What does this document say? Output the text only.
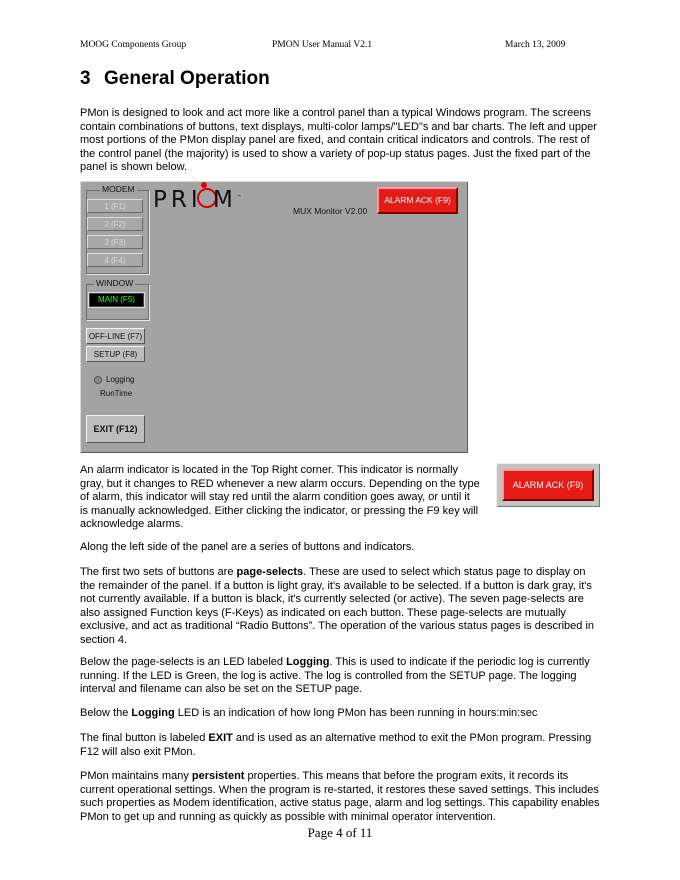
MOOG Components Group	PMON User Manual V2.1	March 13, 2009
3 General Operation

PMon is designed to look and act more like a control panel than a typical Windows program. The screens contain combinations of buttons, text displays, multi-color lamps/"LED"s and bar charts. The left and upper most portions of the PMon display panel are fixed, and contain critical indicators and controls. The rest of the control panel (the majority) is used to show a variety of pop-up status pages. Just the fixed part of the panel is shown below.

MODEM
1 (F1)
2 (F2)
3 (F3)
4 (F4)
WINDOW
MAIN (F5)
OFF-LINE (F7)
SETUP (F8)
Logging
RunTime
EXIT (F12)
PRI M™
MUX Monitor V2.00
ALARM ACK (F9)

An alarm indicator is located in the Top Right corner. This indicator is normally gray, but it changes to RED whenever a new alarm occurs. Depending on the type of alarm, this indicator will stay red until the alarm condition goes away, or until it is manually acknowledged. Either clicking the indicator, or pressing the F9 key will acknowledge alarms.

ALARM ACK (F9)

Along the left side of the panel are a series of buttons and indicators.

The first two sets of buttons are page-selects. These are used to select which status page to display on the remainder of the panel. If a button is light gray, it's available to be selected. If a button is dark gray, it's not currently available. If a button is black, it's currently selected (or active). The seven page-selects are also assigned Function keys (F-Keys) as indicated on each button. These page-selects are mutually exclusive, and act as traditional “Radio Buttons”. The operation of the various status pages is described in section 4.

Below the page-selects is an LED labeled Logging. This is used to indicate if the periodic log is currently running. If the LED is Green, the log is active. The log is controlled from the SETUP page. The logging interval and filename can also be set on the SETUP page.

Below the Logging LED is an indication of how long PMon has been running in hours:min:sec

The final button is labeled EXIT and is used as an alternative method to exit the PMon program. Pressing F12 will also exit PMon.

PMon maintains many persistent properties. This means that before the program exits, it records its current operational settings. When the program is re-started, it restores these saved settings. This includes such properties as Modem identification, active status page, alarm and log settings. This capability enables PMon to get up and running as quickly as possible with minimal operator intervention.

Page 4 of 11
